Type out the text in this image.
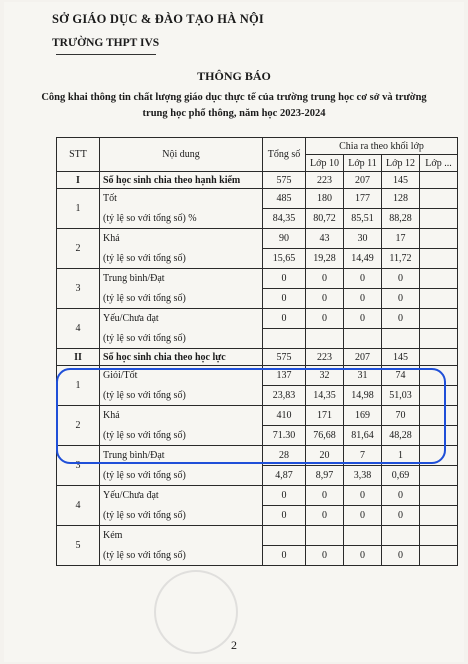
SỞ GIÁO DỤC & ĐÀO TẠO HÀ NỘI
TRƯỜNG THPT IVS
THÔNG BÁO
Công khai thông tin chất lượng giáo dục thực tế của trường trung học cơ sở và trường
trung học phổ thông, năm học 2023-2024
STT	Nội dung	Tổng số	Chia ra theo khối lớp			
			Lớp 10	Lớp 11	Lớp 12	Lớp ...
I	Số học sinh chia theo hạnh kiểm	575	223	207	145	
1	Tốt	485	180	177	128	
	(tỷ lệ so với tổng số) %	84,35	80,72	85,51	88,28	
2	Khá	90	43	30	17	
	(tỷ lệ so với tổng số)	15,65	19,28	14,49	11,72	
3	Trung bình/Đạt	0	0	0	0	
	(tỷ lệ so với tổng số)	0	0	0	0	
4	Yếu/Chưa đạt	0	0	0	0	
	(tỷ lệ so với tổng số)					
II	Số học sinh chia theo học lực	575	223	207	145	
1	Giỏi/Tốt	137	32	31	74	
	(tỷ lệ so với tổng số)	23,83	14,35	14,98	51,03	
2	Khá	410	171	169	70	
	(tỷ lệ so với tổng số)	71.30	76,68	81,64	48,28	
3	Trung bình/Đạt	28	20	7	1	
	(tỷ lệ so với tổng số)	4,87	8,97	3,38	0,69	
4	Yếu/Chưa đạt	0	0	0	0	
	(tỷ lệ so với tổng số)	0	0	0	0	
5	Kém					
	(tỷ lệ so với tổng số)	0	0	0	0	
2
